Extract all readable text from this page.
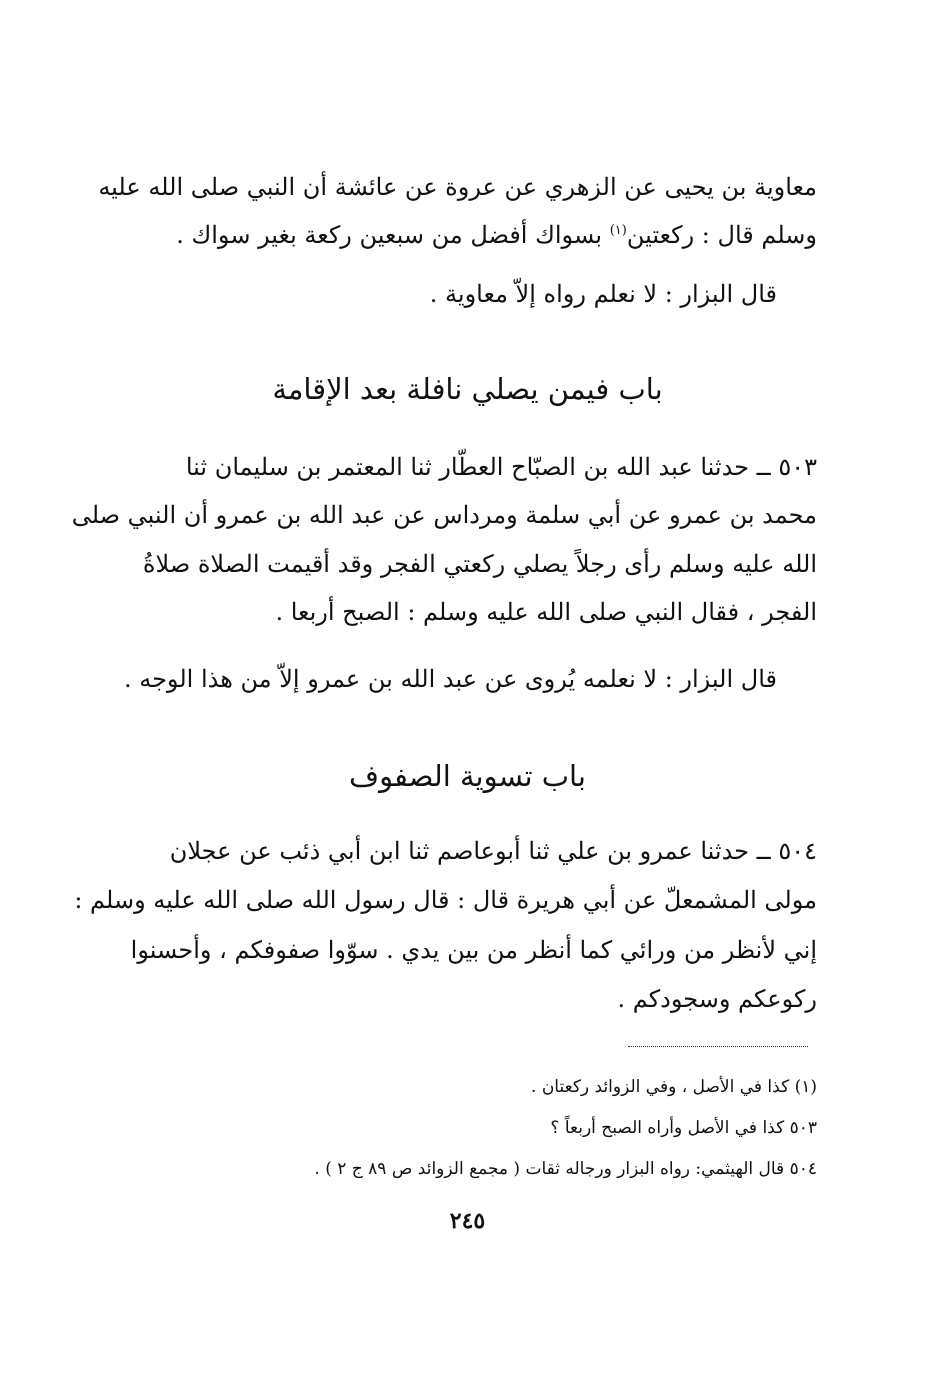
معاوية بن يحيى عن الزهري عن عروة عن عائشة أن النبي صلى الله عليه
وسلم قال : ركعتين$^{(١)}$ بسواك أفضل من سبعين ركعة بغير سواك .
قال البزار : لا نعلم رواه إلاّ معاوية .
باب فيمن يصلي نافلة بعد الإقامة
٥٠٣ ــ حدثنا عبد الله بن الصبّاح العطّار ثنا المعتمر بن سليمان ثنا
محمد بن عمرو عن أبي سلمة ومرداس عن عبد الله بن عمرو أن النبي صلى
الله عليه وسلم رأى رجلاً يصلي ركعتي الفجر وقد أقيمت الصلاة صلاةُ
الفجر ، فقال النبي صلى الله عليه وسلم : الصبح أربعا .
قال البزار : لا نعلمه يُروى عن عبد الله بن عمرو إلاّ من هذا الوجه .
باب تسوية الصفوف
٥٠٤ ــ حدثنا عمرو بن علي ثنا أبوعاصم ثنا ابن أبي ذئب عن عجلان
مولى المشمعلّ عن أبي هريرة قال : قال رسول الله صلى الله عليه وسلم :
إني لأنظر من ورائي كما أنظر من بين يدي . سوّوا صفوفكم ، وأحسنوا
ركوعكم وسجودكم .
(١) كذا في الأصل ، وفي الزوائد ركعتان .
٥٠٣ كذا في الأصل وأراه الصبح أربعاً ؟
٥٠٤ قال الهيثمي: رواه البزار ورجاله ثقات ( مجمع الزوائد ص ٨٩ ج ٢ ) .
٢٤٥
